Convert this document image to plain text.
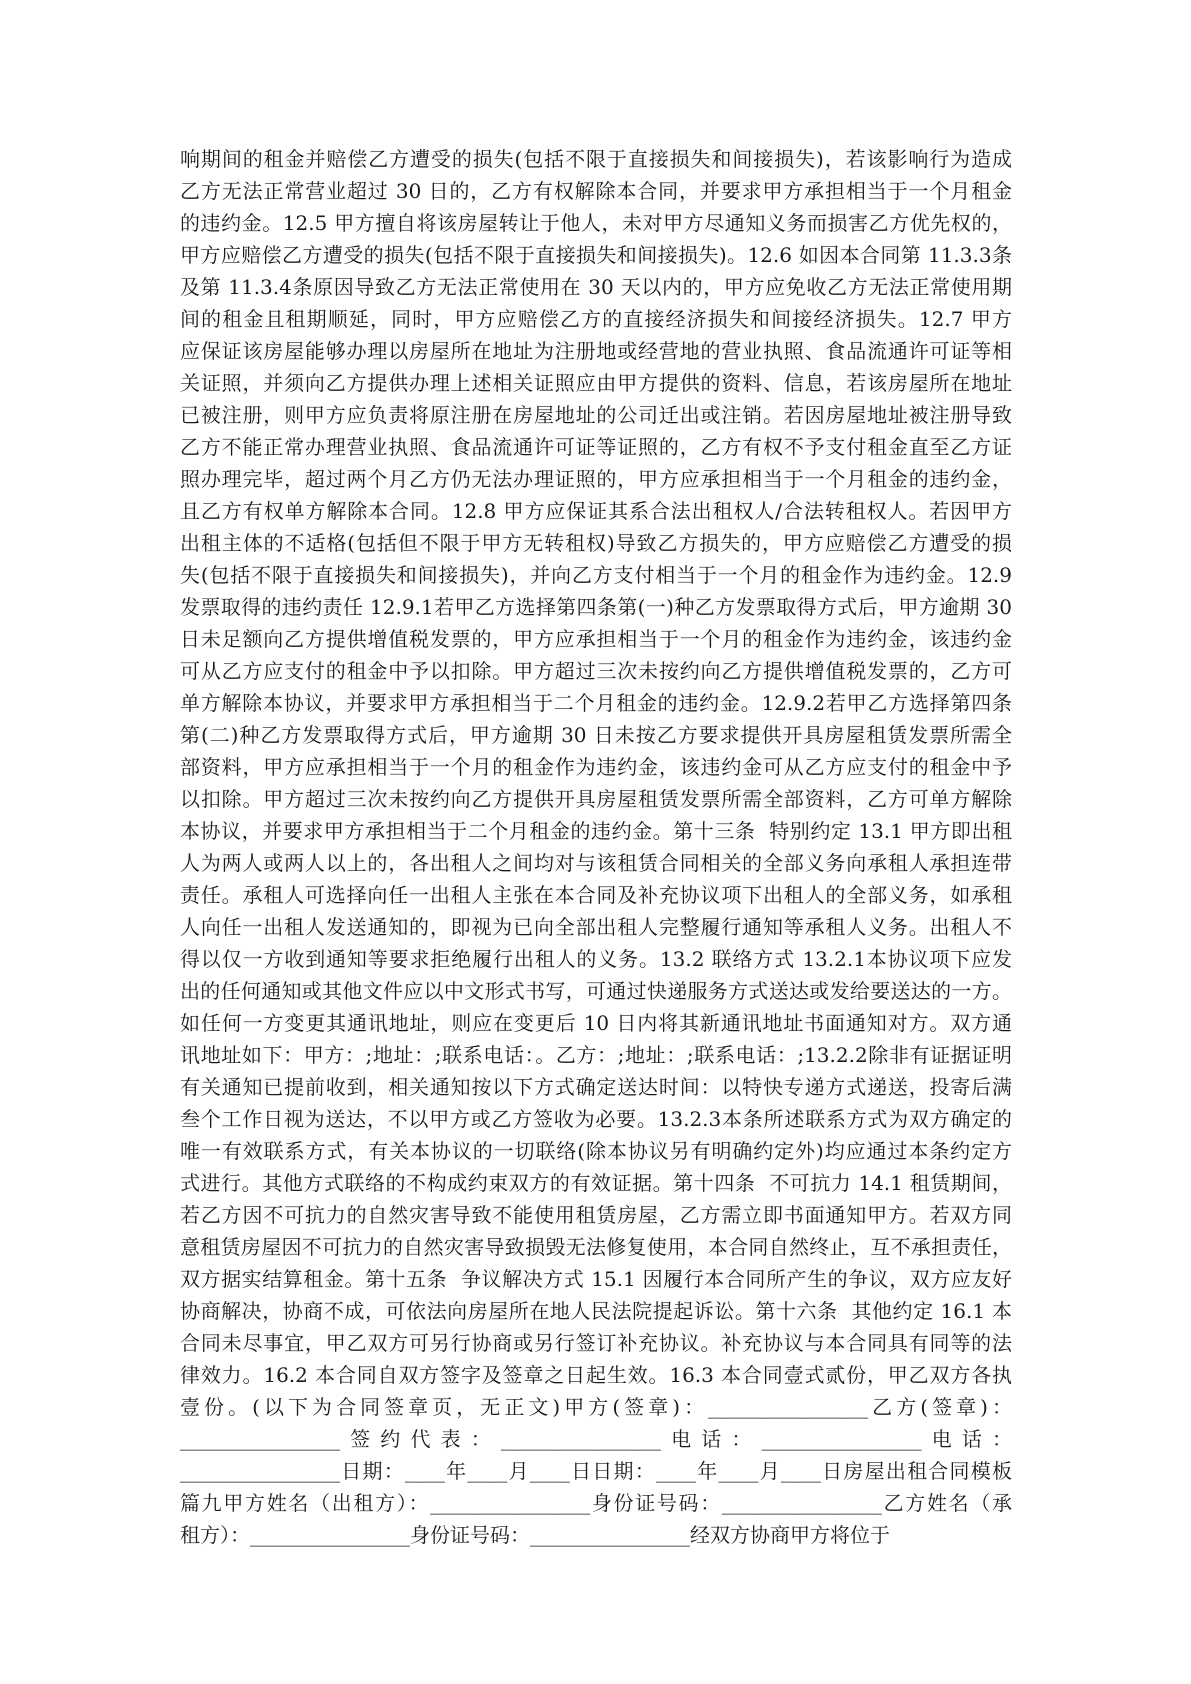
响期间的租金并赔偿乙方遭受的损失(包括不限于直接损失和间接损失)，若该影响行为造成
乙方无法正常营业超过 30 日的，乙方有权解除本合同，并要求甲方承担相当于一个月租金
的违约金。12.5 甲方擅自将该房屋转让于他人，未对甲方尽通知义务而损害乙方优先权的，
甲方应赔偿乙方遭受的损失(包括不限于直接损失和间接损失)。12.6 如因本合同第 11.3.3条
及第 11.3.4条原因导致乙方无法正常使用在 30 天以内的，甲方应免收乙方无法正常使用期
间的租金且租期顺延，同时，甲方应赔偿乙方的直接经济损失和间接经济损失。12.7 甲方
应保证该房屋能够办理以房屋所在地址为注册地或经营地的营业执照、食品流通许可证等相
关证照，并须向乙方提供办理上述相关证照应由甲方提供的资料、信息，若该房屋所在地址
已被注册，则甲方应负责将原注册在房屋地址的公司迁出或注销。若因房屋地址被注册导致
乙方不能正常办理营业执照、食品流通许可证等证照的，乙方有权不予支付租金直至乙方证
照办理完毕，超过两个月乙方仍无法办理证照的，甲方应承担相当于一个月租金的违约金，
且乙方有权单方解除本合同。12.8 甲方应保证其系合法出租权人/合法转租权人。若因甲方
出租主体的不适格(包括但不限于甲方无转租权)导致乙方损失的，甲方应赔偿乙方遭受的损
失(包括不限于直接损失和间接损失)，并向乙方支付相当于一个月的租金作为违约金。12.9
发票取得的违约责任 12.9.1若甲乙方选择第四条第(一)种乙方发票取得方式后，甲方逾期 30
日未足额向乙方提供增值税发票的，甲方应承担相当于一个月的租金作为违约金，该违约金
可从乙方应支付的租金中予以扣除。甲方超过三次未按约向乙方提供增值税发票的，乙方可
单方解除本协议，并要求甲方承担相当于二个月租金的违约金。12.9.2若甲乙方选择第四条
第(二)种乙方发票取得方式后，甲方逾期 30 日未按乙方要求提供开具房屋租赁发票所需全
部资料，甲方应承担相当于一个月的租金作为违约金，该违约金可从乙方应支付的租金中予
以扣除。甲方超过三次未按约向乙方提供开具房屋租赁发票所需全部资料，乙方可单方解除
本协议，并要求甲方承担相当于二个月租金的违约金。第十三条  特别约定 13.1 甲方即出租
人为两人或两人以上的，各出租人之间均对与该租赁合同相关的全部义务向承租人承担连带
责任。承租人可选择向任一出租人主张在本合同及补充协议项下出租人的全部义务，如承租
人向任一出租人发送通知的，即视为已向全部出租人完整履行通知等承租人义务。出租人不
得以仅一方收到通知等要求拒绝履行出租人的义务。13.2 联络方式 13.2.1本协议项下应发
出的任何通知或其他文件应以中文形式书写，可通过快递服务方式送达或发给要送达的一方。
如任何一方变更其通讯地址，则应在变更后 10 日内将其新通讯地址书面通知对方。双方通
讯地址如下：甲方：;地址：;联系电话：。乙方：;地址：;联系电话：;13.2.2除非有证据证明
有关通知已提前收到，相关通知按以下方式确定送达时间：以特快专递方式递送，投寄后满
叁个工作日视为送达，不以甲方或乙方签收为必要。13.2.3本条所述联系方式为双方确定的
唯一有效联系方式，有关本协议的一切联络(除本协议另有明确约定外)均应通过本条约定方
式进行。其他方式联络的不构成约束双方的有效证据。第十四条  不可抗力 14.1 租赁期间，
若乙方因不可抗力的自然灾害导致不能使用租赁房屋，乙方需立即书面通知甲方。若双方同
意租赁房屋因不可抗力的自然灾害导致损毁无法修复使用，本合同自然终止，互不承担责任，
双方据实结算租金。第十五条  争议解决方式 15.1 因履行本合同所产生的争议，双方应友好
协商解决，协商不成，可依法向房屋所在地人民法院提起诉讼。第十六条  其他约定 16.1 本
合同未尽事宜，甲乙双方可另行协商或另行签订补充协议。补充协议与本合同具有同等的法
律效力。16.2 本合同自双方签字及签章之日起生效。16.3 本合同壹式贰份，甲乙双方各执
壹份。(以下为合同签章页，无正文)甲方(签章)：________________乙方(签章)：
________________签约代表：________________电话：________________电话：
________________日期：____年____月____日日期：____年____月____日房屋出租合同模板
篇九甲方姓名（出租方）：________________身份证号码：________________乙方姓名（承
租方）：________________身份证号码：________________经双方协商甲方将位于
